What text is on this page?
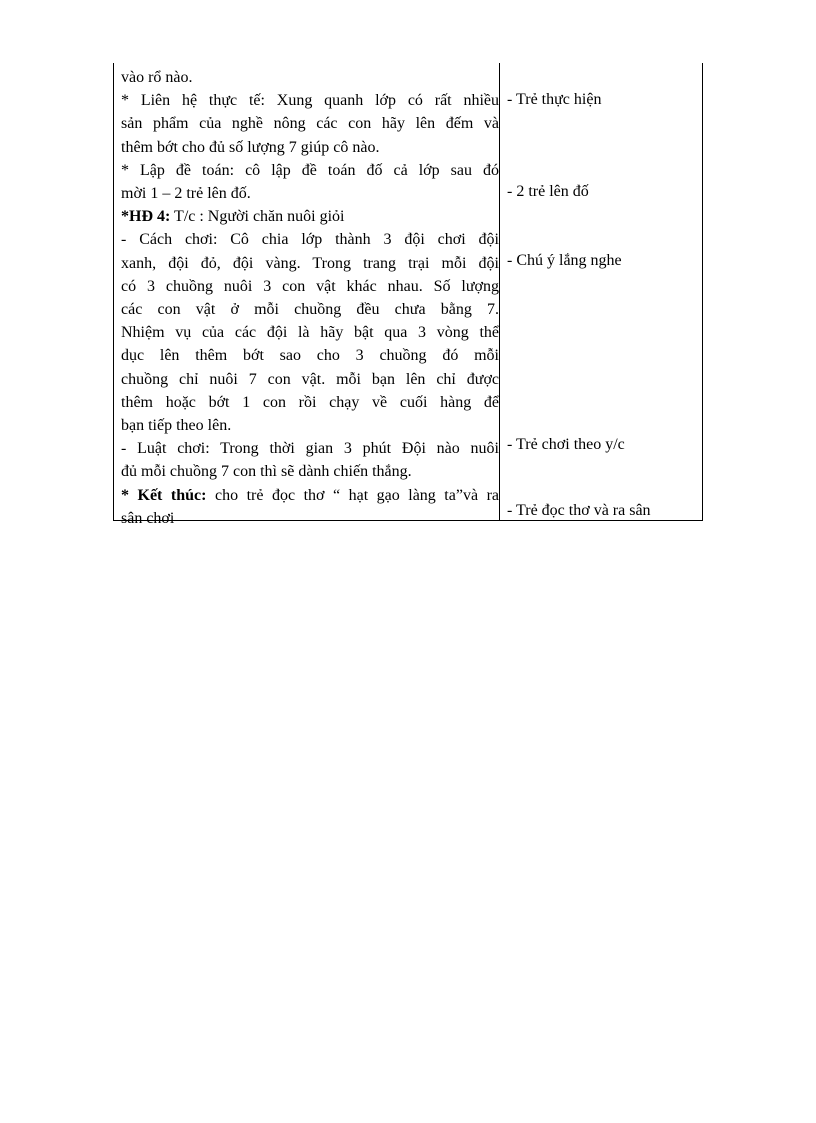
vào rổ nào.

* Liên hệ thực tế: Xung quanh lớp có rất nhiều

sản phẩm của nghề nông các con hãy lên đếm và

thêm bớt cho đủ số lượng 7 giúp cô nào.

* Lập đề toán: cô lập đề toán đố cả lớp sau đó

mời 1 – 2 trẻ lên đố.

*HĐ 4: T/c : Người chăn nuôi giỏi

- Cách chơi: Cô chia lớp thành 3 đội chơi đội

xanh, đội đỏ, đội vàng. Trong trang trại mỗi đội

có 3 chuồng nuôi 3 con vật khác nhau. Số lượng

các con vật ở mỗi chuồng đều chưa bằng 7.

Nhiệm vụ của các đội là hãy bật qua 3 vòng thể

dục lên thêm bớt sao cho 3 chuồng đó mỗi

chuồng chỉ nuôi 7 con vật. mỗi bạn lên chỉ được

thêm hoặc bớt 1 con rồi chạy về cuối hàng để

bạn tiếp theo lên.

- Luật chơi: Trong thời gian 3 phút Đội nào nuôi

đủ mỗi chuồng 7 con thì sẽ dành chiến thắng.

* Kết thúc: cho trẻ đọc thơ “ hạt gạo làng ta”và ra

sân chơi

- Trẻ thực hiện
- 2 trẻ lên đố
- Chú ý lắng nghe
- Trẻ chơi theo y/c
- Trẻ đọc thơ và ra sân
